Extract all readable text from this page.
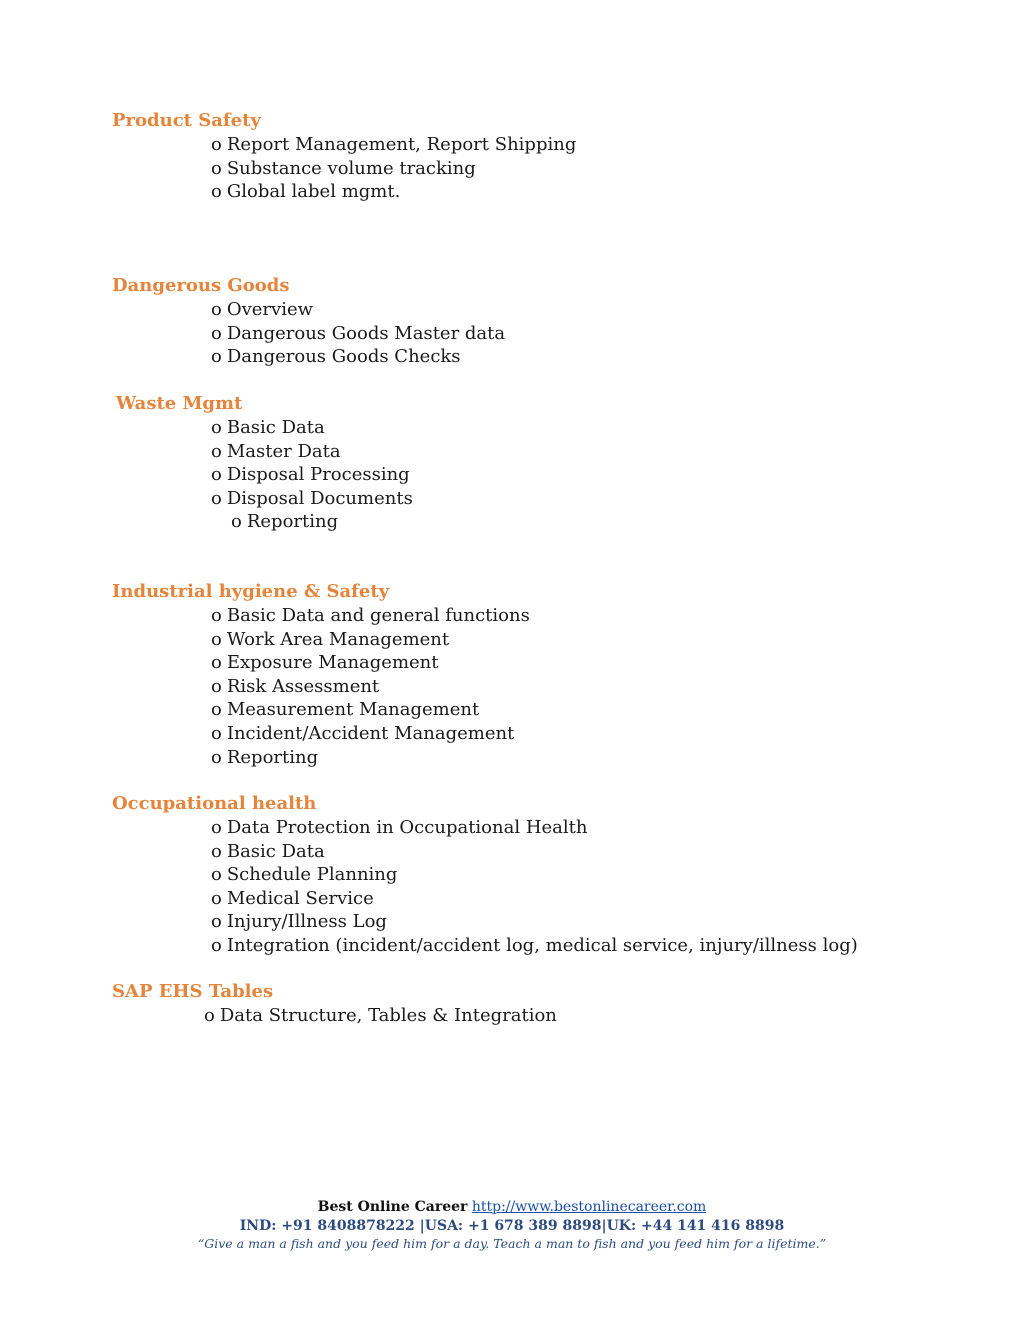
Product Safety
o Report Management, Report Shipping
o Substance volume tracking
o Global label mgmt.
Dangerous Goods
o Overview
o Dangerous Goods Master data
o Dangerous Goods Checks
Waste Mgmt
o Basic Data
o Master Data
o Disposal Processing
o Disposal Documents
o Reporting
Industrial hygiene & Safety
o Basic Data and general functions
o Work Area Management
o Exposure Management
o Risk Assessment
o Measurement Management
o Incident/Accident Management
o Reporting
Occupational health
o Data Protection in Occupational Health
o Basic Data
o Schedule Planning
o Medical Service
o Injury/Illness Log
o Integration (incident/accident log, medical service, injury/illness log)
SAP EHS Tables
o Data Structure, Tables & Integration
Best Online Career http://www.bestonlinecareer.com
IND: +91 8408878222 |USA: +1 678 389 8898|UK: +44 141 416 8898
“Give a man a fish and you feed him for a day. Teach a man to fish and you feed him for a lifetime.”
